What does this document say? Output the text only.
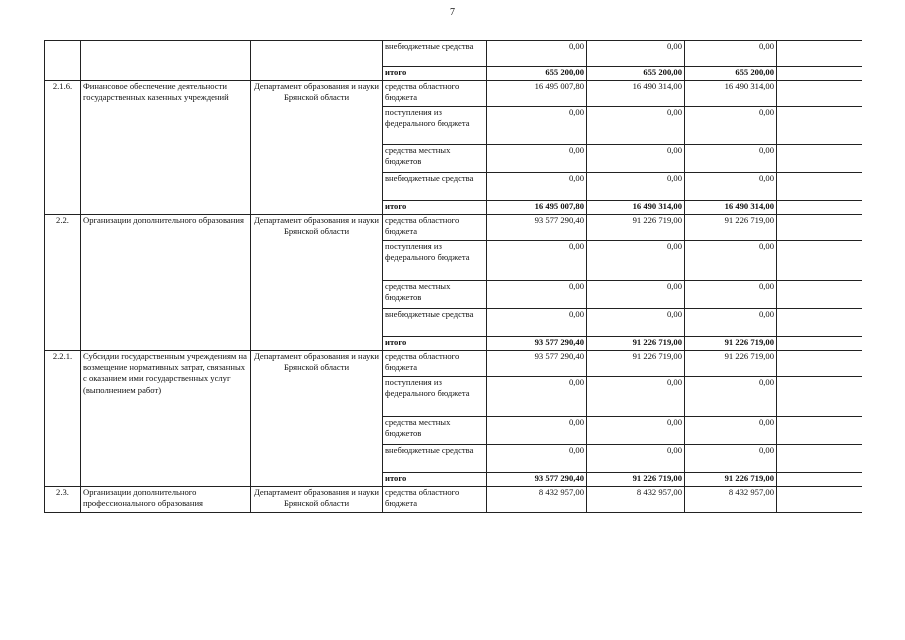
7
			внебюджетные средства	0,00	0,00	0,00	
			итого	655 200,00	655 200,00	655 200,00	
2.1.6.	Финансовое обеспечение деятельности государственных казенных учреждений	Департамент образования и науки Брянской области	средства областного бюджета	16 495 007,80	16 490 314,00	16 490 314,00	
			поступления из федерального бюджета	0,00	0,00	0,00	
			средства местных бюджетов	0,00	0,00	0,00	
			внебюджетные средства	0,00	0,00	0,00	
			итого	16 495 007,80	16 490 314,00	16 490 314,00	
2.2.	Организации дополнительного образования	Департамент образования и науки Брянской области	средства областного бюджета	93 577 290,40	91 226 719,00	91 226 719,00	
			поступления из федерального бюджета	0,00	0,00	0,00	
			средства местных бюджетов	0,00	0,00	0,00	
			внебюджетные средства	0,00	0,00	0,00	
			итого	93 577 290,40	91 226 719,00	91 226 719,00	
2.2.1.	Субсидии государственным учреждениям на возмещение нормативных затрат, связанных с оказанием ими государственных услуг (выполнением работ)	Департамент образования и науки Брянской области	средства областного бюджета	93 577 290,40	91 226 719,00	91 226 719,00	
			поступления из федерального бюджета	0,00	0,00	0,00	
			средства местных бюджетов	0,00	0,00	0,00	
			внебюджетные средства	0,00	0,00	0,00	
			итого	93 577 290,40	91 226 719,00	91 226 719,00	
2.3.	Организации дополнительного профессионального образования	Департамент образования и науки Брянской области	средства областного бюджета	8 432 957,00	8 432 957,00	8 432 957,00	
